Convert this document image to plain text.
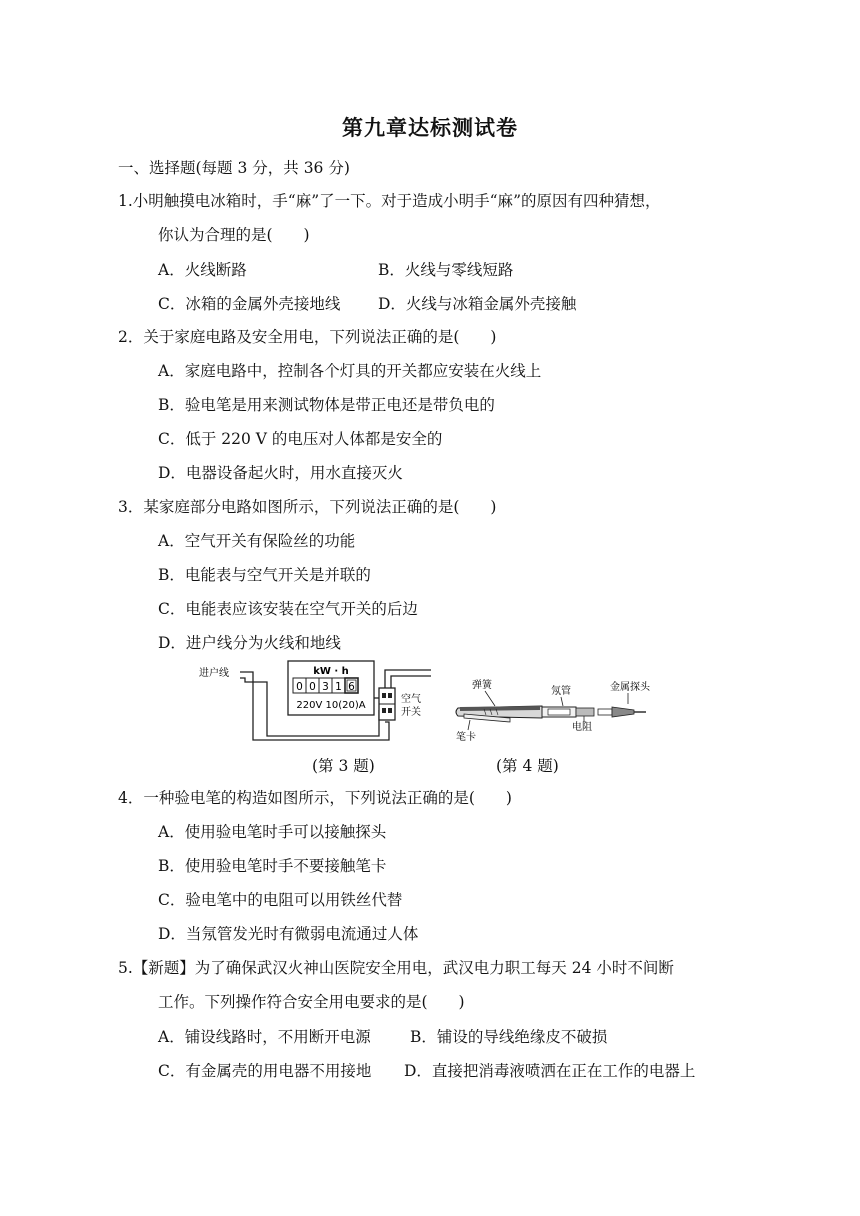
第九章达标测试卷
一、选择题(每题 3 分，共 36 分)
1.小明触摸电冰箱时，手“麻”了一下。对于造成小明手“麻”的原因有四种猜想，
你认为合理的是(　　)
A．火线断路	B．火线与零线短路
C．冰箱的金属外壳接地线 D．火线与冰箱金属外壳接触
2．关于家庭电路及安全用电，下列说法正确的是(　　)
A．家庭电路中，控制各个灯具的开关都应安装在火线上
B．验电笔是用来测试物体是带正电还是带负电的
C．低于 220 V 的电压对人体都是安全的
D．电器设备起火时，用水直接灭火
3．某家庭部分电路如图所示，下列说法正确的是(　　)
A．空气开关有保险丝的功能
B．电能表与空气开关是并联的
C．电能表应该安装在空气开关的后边
D．进户线分为火线和地线
进户线	kW · h
0 0 3 1 6
220V 10(20)A
空气
开关
弹簧
氖管	金属探头
笔卡
电阻
(第 3 题)	(第 4 题)
4．一种验电笔的构造如图所示，下列说法正确的是(　　)
A．使用验电笔时手可以接触探头
B．使用验电笔时手不要接触笔卡
C．验电笔中的电阻可以用铁丝代替
D．当氖管发光时有微弱电流通过人体
5.【新题】为了确保武汉火神山医院安全用电，武汉电力职工每天 24 小时不间断
工作。下列操作符合安全用电要求的是(　　)
A．铺设线路时，不用断开电源	B．铺设的导线绝缘皮不破损
C．有金属壳的用电器不用接地 D．直接把消毒液喷洒在正在工作的电器上
